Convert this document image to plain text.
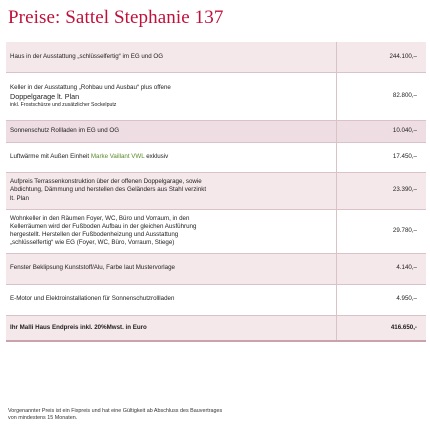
Preise: Sattel Stephanie 137
Haus in der Ausstattung „schlüsselfertig“ im EG und OG	244.100,–

Keller in der Ausstattung „Rohbau und Ausbau“ plus offene
Doppelgarage lt. Plan
inkl. Frostschürze und zusätzlicher Sockelputz	82.800,–
Sonnenschutz Rollladen im EG und OG	10.040,–
Luftwärme mit Außen Einheit Marke Vaillant VWL exklusiv	17.450,–

Aufpreis Terrassenkonstruktion über der offenen Doppelgarage, sowie
Abdichtung, Dämmung und herstellen des Geländers aus Stahl verzinkt
lt. Plan	23.390,–

Wohnkeller in den Räumen Foyer, WC, Büro und Vorraum, in den
Kellerräumen wird der Fußboden Aufbau in der gleichen Ausführung
hergestellt. Herstellen der Fußbodenheizung und Ausstattung
„schlüsselfertig“ wie EG (Foyer, WC, Büro, Vorraum, Stiege)	29.780,–
Fenster Beklipsung Kunststoff/Alu, Farbe laut Mustervorlage	4.140,–
E-Motor und Elektroinstallationen für Sonnenschutzrollladen	4.950,–
Ihr Malli Haus Endpreis inkl. 20%Mwst. in Euro	416.650,-
Vorgenannter Preis ist ein Fixpreis und hat eine Gültigkeit ab Abschluss des Bauvertrages
von mindestens 15 Monaten.
